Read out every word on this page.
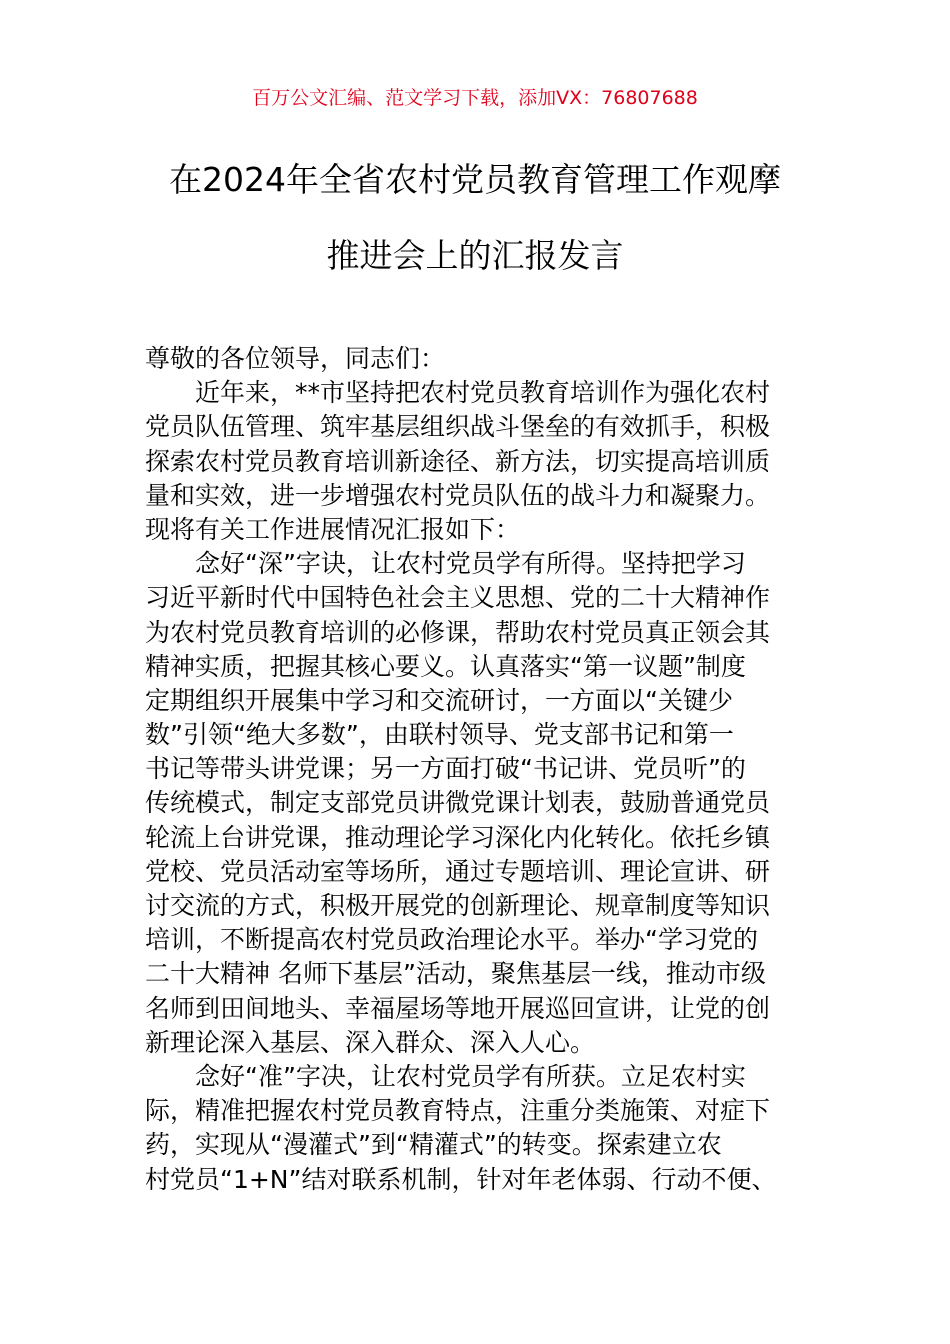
百万公文汇编、范文学习下载，添加VX：76807688
在2024年全省农村党员教育管理工作观摩
推进会上的汇报发言
尊敬的各位领导，同志们：
近年来，**市坚持把农村党员教育培训作为强化农村
党员队伍管理、筑牢基层组织战斗堡垒的有效抓手，积极
探索农村党员教育培训新途径、新方法，切实提高培训质
量和实效，进一步增强农村党员队伍的战斗力和凝聚力。
现将有关工作进展情况汇报如下：
念好“深”字诀，让农村党员学有所得。坚持把学习
习近平新时代中国特色社会主义思想、党的二十大精神作
为农村党员教育培训的必修课，帮助农村党员真正领会其
精神实质，把握其核心要义。认真落实“第一议题”制度
定期组织开展集中学习和交流研讨，一方面以“关键少
数”引领“绝大多数”，由联村领导、党支部书记和第一
书记等带头讲党课；另一方面打破“书记讲、党员听”的
传统模式，制定支部党员讲微党课计划表，鼓励普通党员
轮流上台讲党课，推动理论学习深化内化转化。依托乡镇
党校、党员活动室等场所，通过专题培训、理论宣讲、研
讨交流的方式，积极开展党的创新理论、规章制度等知识
培训，不断提高农村党员政治理论水平。举办“学习党的
二十大精神 名师下基层”活动，聚焦基层一线，推动市级
名师到田间地头、幸福屋场等地开展巡回宣讲，让党的创
新理论深入基层、深入群众、深入人心。
念好“准”字决，让农村党员学有所获。立足农村实
际，精准把握农村党员教育特点，注重分类施策、对症下
药，实现从“漫灌式”到“精灌式”的转变。探索建立农
村党员“1+N”结对联系机制，针对年老体弱、行动不便、
